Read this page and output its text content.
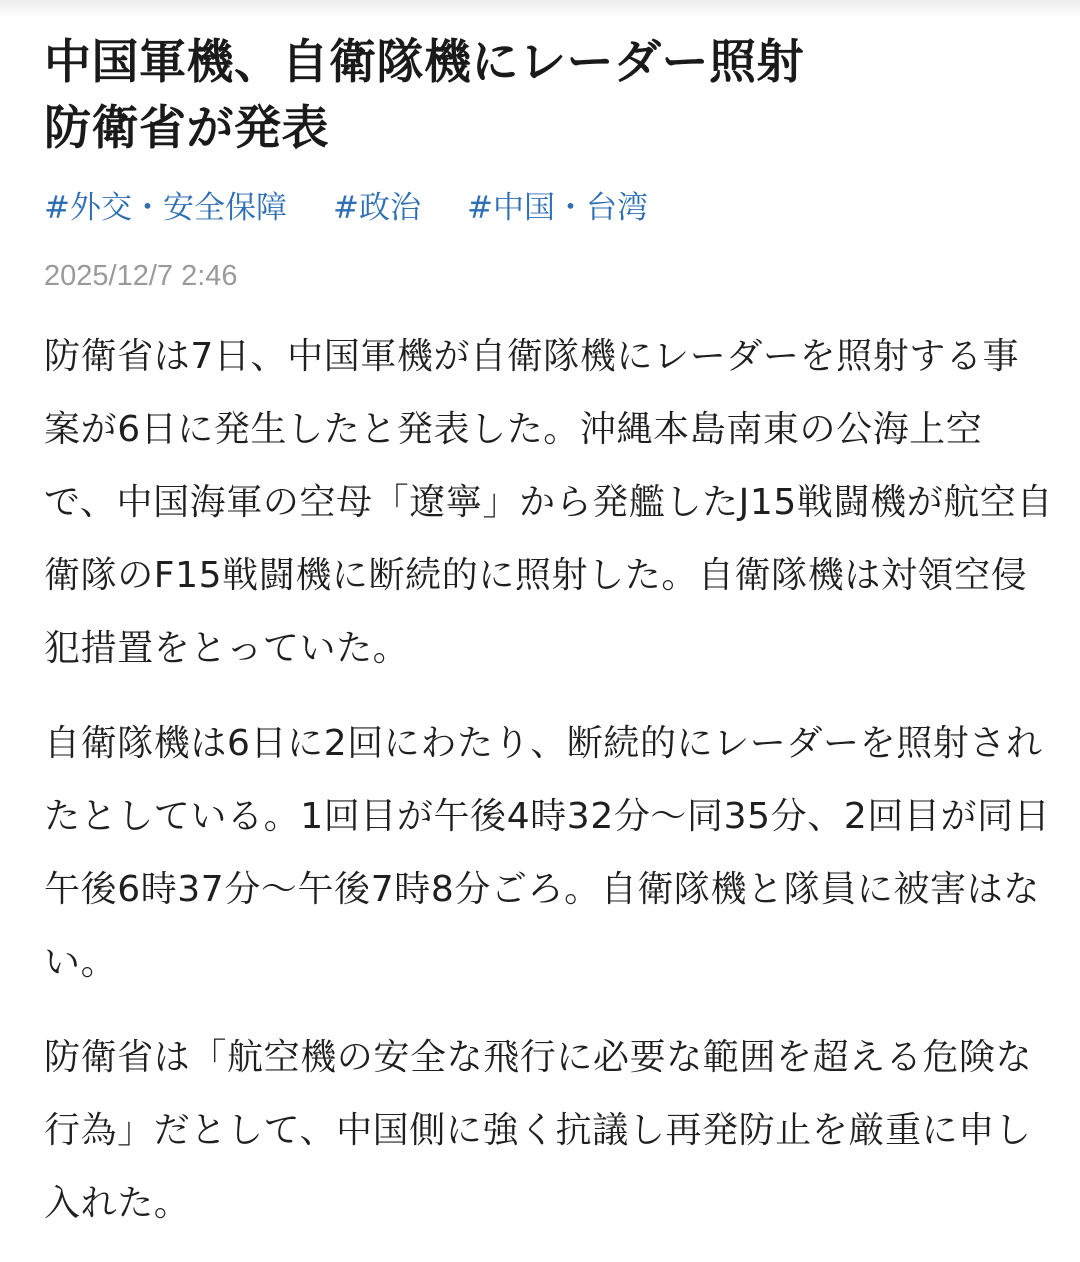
中国軍機、自衛隊機にレーダー照射
防衛省が発表
#外交・安全保障 #政治 #中国・台湾
2025/12/7 2:46

防衛省は7日、中国軍機が自衛隊機にレーダーを照射する事案が6日に発生したと発表した。沖縄本島南東の公海上空で、中国海軍の空母「遼寧」から発艦したJ15戦闘機が航空自衛隊のF15戦闘機に断続的に照射した。自衛隊機は対領空侵犯措置をとっていた。

自衛隊機は6日に2回にわたり、断続的にレーダーを照射されたとしている。1回目が午後4時32分～同35分、2回目が同日午後6時37分～午後7時8分ごろ。自衛隊機と隊員に被害はない。

防衛省は「航空機の安全な飛行に必要な範囲を超える危険な行為」だとして、中国側に強く抗議し再発防止を厳重に申し入れた。
